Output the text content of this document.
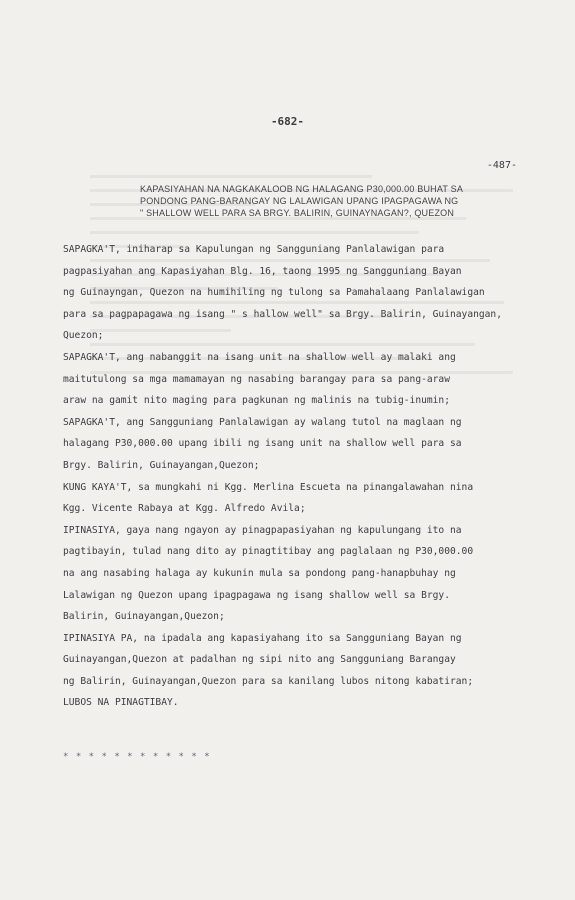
-682-
-487-
KAPASIYAHAN NA NAGKAKALOOB NG HALAGANG P30,000.00 BUHAT SA
PONDONG PANG-BARANGAY NG LALAWIGAN UPANG IPAGPAGAWA NG
" SHALLOW WELL PARA SA BRGY. BALIRIN, GUINAYNAGAN?, QUEZON
SAPAGKA'T, iniharap sa Kapulungan ng Sangguniang Panlalawigan para
pagpasiyahan ang Kapasiyahan Blg. 16, taong 1995 ng Sangguniang Bayan
ng Guinayngan, Quezon na humihiling ng tulong sa Pamahalaang Panlalawigan
para sa pagpapagawa ng isang " s hallow well" sa Brgy. Balirin, Guinayangan,
Quezon;
SAPAGKA'T, ang nabanggit na isang unit na shallow well ay malaki ang
maitutulong sa mga mamamayan ng nasabing barangay para sa pang-araw
araw na gamit nito maging para pagkunan ng malinis na tubig-inumin;
SAPAGKA'T, ang Sangguniang Panlalawigan ay walang tutol na maglaan ng
halagang P30,000.00 upang ibili ng isang unit na shallow well para sa
Brgy. Balirin, Guinayangan,Quezon;
KUNG KAYA'T, sa mungkahi ni Kgg. Merlina Escueta na pinangalawahan nina
Kgg. Vicente Rabaya at Kgg. Alfredo Avila;
IPINASIYA, gaya nang ngayon ay pinagpapasiyahan ng kapulungang ito na
pagtibayin, tulad nang dito ay pinagtitibay ang paglalaan ng P30,000.00
na ang nasabing halaga ay kukunin mula sa pondong pang-hanapbuhay ng
Lalawigan ng Quezon upang ipagpagawa ng isang shallow well sa Brgy.
Balirin, Guinayangan,Quezon;
IPINASIYA PA, na ipadala ang kapasiyahang ito sa Sangguniang Bayan ng
Guinayangan,Quezon at padalhan ng sipi nito ang Sangguniang Barangay
ng Balirin, Guinayangan,Quezon para sa kanilang lubos nitong kabatiran;
LUBOS NA PINAGTIBAY.
* * * * * * * * * * * *
